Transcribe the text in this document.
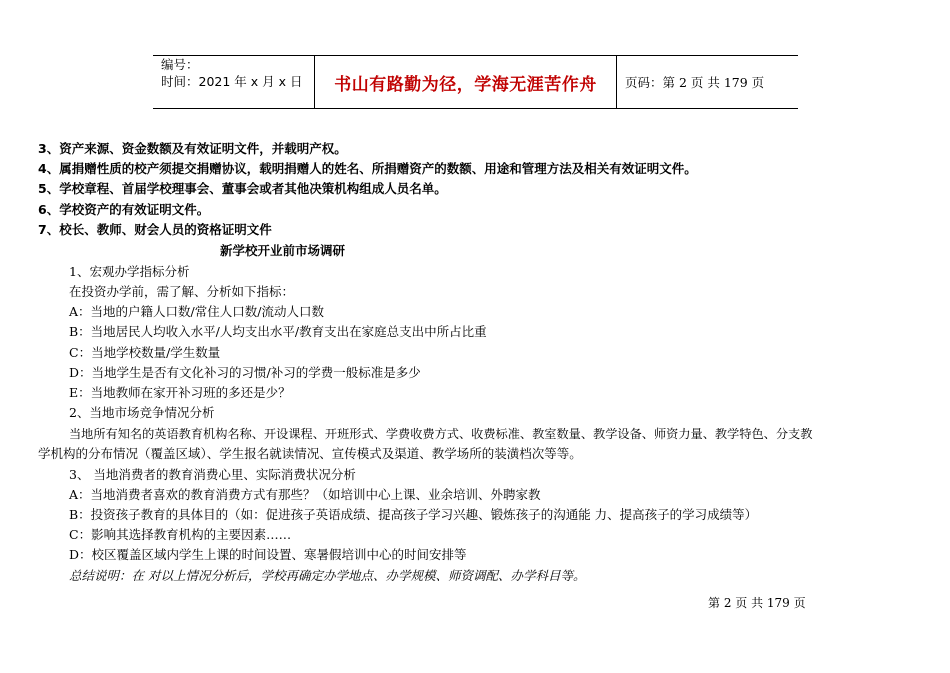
编号：
时间：2021 年 x 月 x 日	书山有路勤为径，学海无涯苦作舟	页码：第 2 页 共 179 页
3、资产来源、资金数额及有效证明文件，并载明产权。
4、属捐赠性质的校产须提交捐赠协议，载明捐赠人的姓名、所捐赠资产的数额、用途和管理方法及相关有效证明文件。
5、学校章程、首届学校理事会、董事会或者其他决策机构组成人员名单。
6、学校资产的有效证明文件。
7、校长、教师、财会人员的资格证明文件
新学校开业前市场调研
1、宏观办学指标分析
在投资办学前，需了解、分析如下指标：
A：当地的户籍人口数/常住人口数/流动人口数
B：当地居民人均收入水平/人均支出水平/教育支出在家庭总支出中所占比重
C：当地学校数量/学生数量
D：当地学生是否有文化补习的习惯/补习的学费一般标准是多少
E：当地教师在家开补习班的多还是少？
2、当地市场竞争情况分析
当地所有知名的英语教育机构名称、开设课程、开班形式、学费收费方式、收费标准、教室数量、教学设备、师资力量、教学特色、分支教
学机构的分布情况（覆盖区域）、学生报名就读情况、宣传模式及渠道、教学场所的装潢档次等等。
3、 当地消费者的教育消费心里、实际消费状况分析
A：当地消费者喜欢的教育消费方式有那些？（如培训中心上课、业余培训、外聘家教
B：投资孩子教育的具体目的（如：促进孩子英语成绩、提高孩子学习兴趣、锻炼孩子的沟通能 力、提高孩子的学习成绩等）
C：影响其选择教育机构的主要因素……
D：校区覆盖区域内学生上课的时间设置、寒暑假培训中心的时间安排等
总结说明：在 对以上情况分析后，学校再确定办学地点、办学规模、师资调配、办学科目等。
第 2 页 共 179 页
